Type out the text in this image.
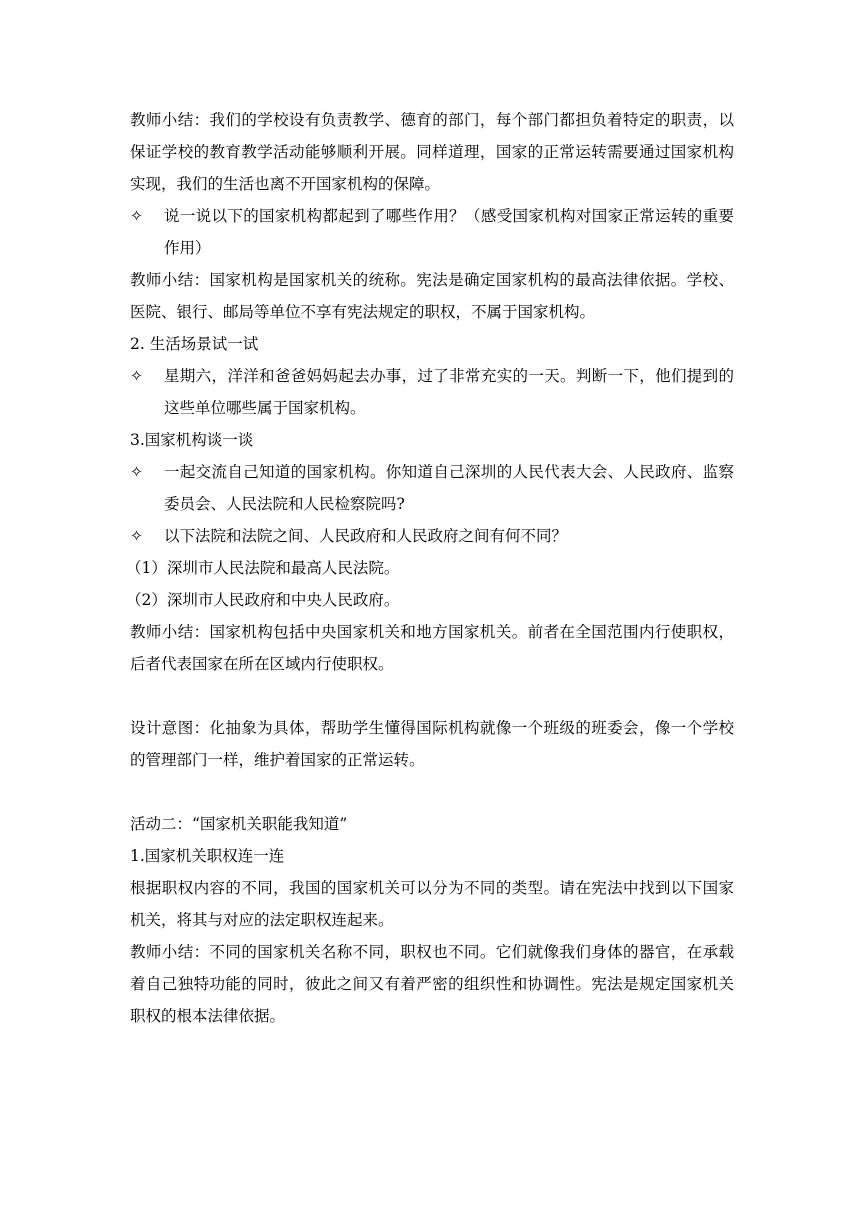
教师小结：我们的学校设有负责教学、德育的部门，每个部门都担负着特定的职责，以保证学校的教育教学活动能够顺利开展。同样道理，国家的正常运转需要通过国家机构实现，我们的生活也离不开国家机构的保障。

✧	说一说以下的国家机构都起到了哪些作用？（感受国家机构对国家正常运转的重要作用）

教师小结：国家机构是国家机关的统称。宪法是确定国家机构的最高法律依据。学校、医院、银行、邮局等单位不享有宪法规定的职权，不属于国家机构。

2. 生活场景试一试

✧	星期六，洋洋和爸爸妈妈起去办事，过了非常充实的一天。判断一下，他们提到的这些单位哪些属于国家机构。

3.国家机构谈一谈

✧	一起交流自己知道的国家机构。你知道自己深圳的人民代表大会、人民政府、监察委员会、人民法院和人民检察院吗?

✧	以下法院和法院之间、人民政府和人民政府之间有何不同？

（1）深圳市人民法院和最高人民法院。

（2）深圳市人民政府和中央人民政府。

教师小结：国家机构包括中央国家机关和地方国家机关。前者在全国范围内行使职权，后者代表国家在所在区域内行使职权。

设计意图：化抽象为具体，帮助学生懂得国际机构就像一个班级的班委会，像一个学校的管理部门一样，维护着国家的正常运转。

活动二：“国家机关职能我知道”

1.国家机关职权连一连

根据职权内容的不同，我国的国家机关可以分为不同的类型。请在宪法中找到以下国家机关，将其与对应的法定职权连起来。

教师小结：不同的国家机关名称不同，职权也不同。它们就像我们身体的器官，在承载着自己独特功能的同时，彼此之间又有着严密的组织性和协调性。宪法是规定国家机关职权的根本法律依据。
